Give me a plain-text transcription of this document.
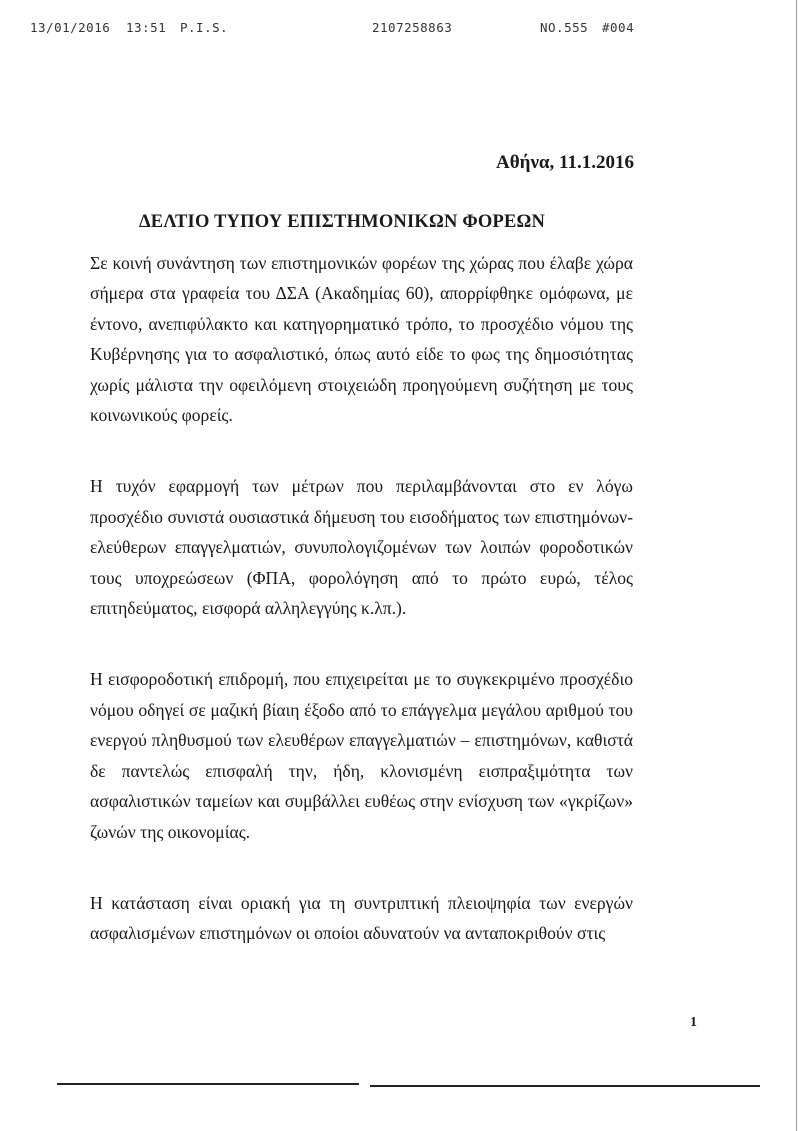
13/01/2016 13:51 P.I.S.	2107258863	NO.555 #004
Αθήνα, 11.1.2016
ΔΕΛΤΙΟ ΤΥΠΟΥ ΕΠΙΣΤΗΜΟΝΙΚΩΝ ΦΟΡΕΩΝ

Σε κοινή συνάντηση των επιστημονικών φορέων της χώρας που έλαβε χώρα σήμερα στα γραφεία του ΔΣΑ (Ακαδημίας 60), απορρίφθηκε ομόφωνα, με έντονο, ανεπιφύλακτο και κατηγορηματικό τρόπο, το προσχέδιο νόμου της Κυβέρνησης για το ασφαλιστικό, όπως αυτό είδε το φως της δημοσιότητας χωρίς μάλιστα την οφειλόμενη στοιχειώδη προηγούμενη συζήτηση με τους κοινωνικούς φορείς.

Η τυχόν εφαρμογή των μέτρων που περιλαμβάνονται στο εν λόγω προσχέδιο συνιστά ουσιαστικά δήμευση του εισοδήματος των επιστημόνων-ελεύθερων επαγγελματιών, συνυπολογιζομένων των λοιπών φοροδοτικών τους υποχρεώσεων (ΦΠΑ, φορολόγηση από το πρώτο ευρώ, τέλος επιτηδεύματος, εισφορά αλληλεγγύης κ.λπ.).

Η εισφοροδοτική επιδρομή, που επιχειρείται με το συγκεκριμένο προσχέδιο νόμου οδηγεί σε μαζική βίαιη έξοδο από το επάγγελμα μεγάλου αριθμού του ενεργού πληθυσμού των ελευθέρων επαγγελματιών – επιστημόνων, καθιστά δε παντελώς επισφαλή την, ήδη, κλονισμένη εισπραξιμότητα των ασφαλιστικών ταμείων και συμβάλλει ευθέως στην ενίσχυση των «γκρίζων» ζωνών της οικονομίας.

Η κατάσταση είναι οριακή για τη συντριπτική πλειοψηφία των ενεργών ασφαλισμένων επιστημόνων οι οποίοι αδυνατούν να ανταποκριθούν στις

1
